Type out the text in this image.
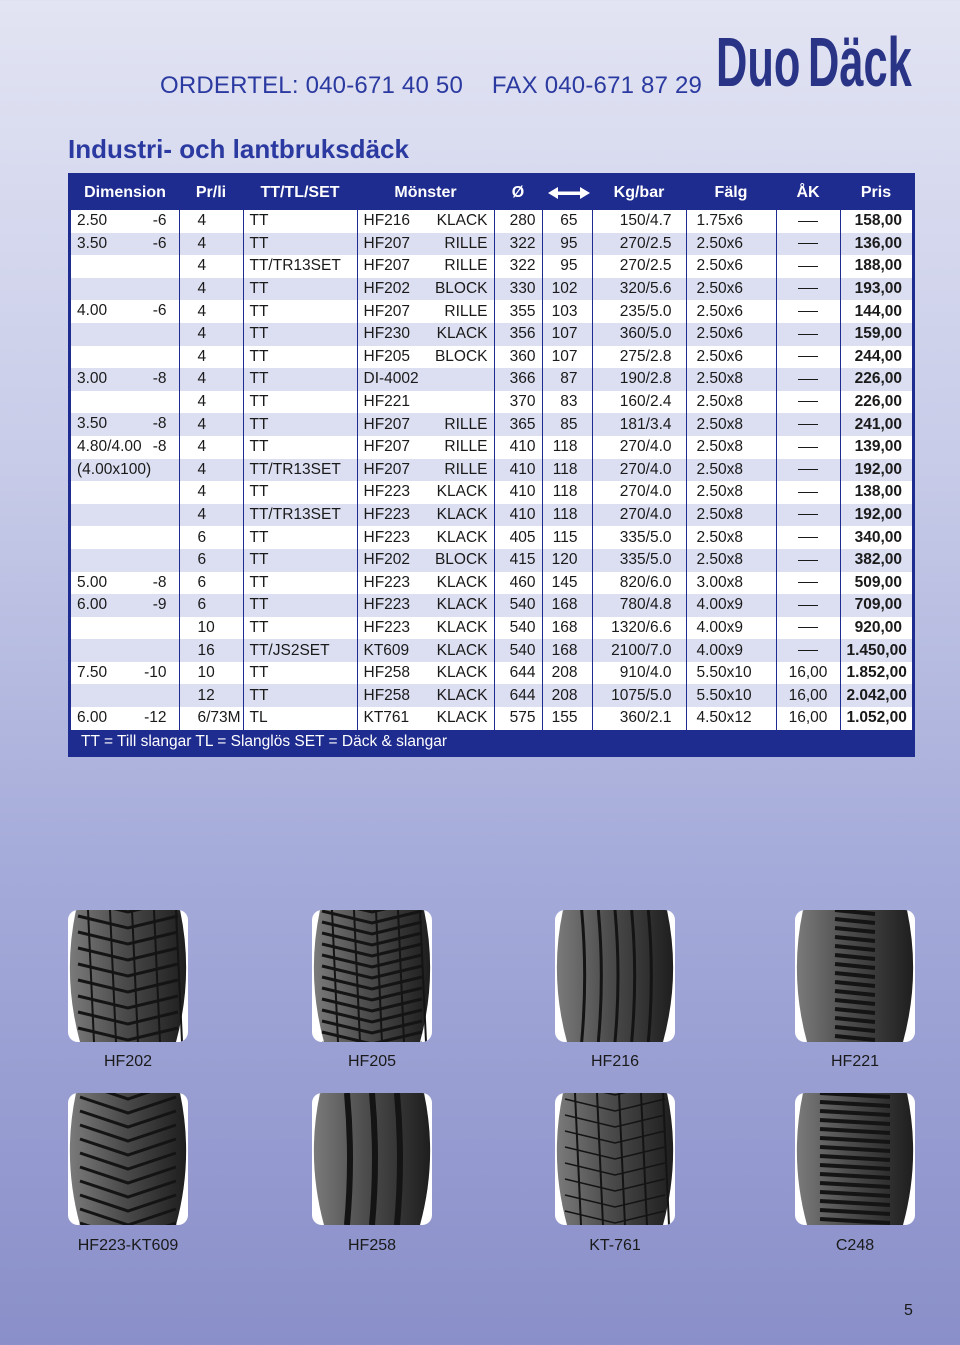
ORDERTEL: 040-671 40 50 FAX 040-671 87 29 Duo Däck
Industri- och lantbruksdäck
Dimension	Pr/li	TT/TL/SET	Mönster	Ø		Kg/bar	Fälg	ÅK	Pris
2.50 -6	4	TT	HF216 KLACK	280	65	150/4.7	1.75x6		158,00
3.50 -6	4	TT	HF207 RILLE	322	95	270/2.5	2.50x6		136,00

	4	TT/TR13SET	HF207 RILLE	322	95	270/2.5	2.50x6		188,00

	4	TT	HF202 BLOCK	330	102	320/5.6	2.50x6		193,00
4.00 -6	4	TT	HF207 RILLE	355	103	235/5.0	2.50x6		144,00

	4	TT	HF230 KLACK	356	107	360/5.0	2.50x6		159,00

	4	TT	HF205 BLOCK	360	107	275/2.8	2.50x6		244,00
3.00 -8	4	TT	DI-4002	366	87	190/2.8	2.50x8		226,00

	4	TT	HF221	370	83	160/2.4	2.50x8		226,00
3.50 -8	4	TT	HF207 RILLE	365	85	181/3.4	2.50x8		241,00
4.80/4.00 -8	4	TT	HF207 RILLE	410	118	270/4.0	2.50x8		139,00
(4.00x100)	4	TT/TR13SET	HF207 RILLE	410	118	270/4.0	2.50x8		192,00

	4	TT	HF223 KLACK	410	118	270/4.0	2.50x8		138,00

	4	TT/TR13SET	HF223 KLACK	410	118	270/4.0	2.50x8		192,00

	6	TT	HF223 KLACK	405	115	335/5.0	2.50x8		340,00

	6	TT	HF202 BLOCK	415	120	335/5.0	2.50x8		382,00
5.00 -8	6	TT	HF223 KLACK	460	145	820/6.0	3.00x8		509,00
6.00 -9	6	TT	HF223 KLACK	540	168	780/4.8	4.00x9		709,00

	10	TT	HF223 KLACK	540	168	1320/6.6	4.00x9		920,00

	16	TT/JS2SET	KT609 KLACK	540	168	2100/7.0	4.00x9		1.450,00
7.50 -10	10	TT	HF258 KLACK	644	208	910/4.0	5.50x10	16,00	1.852,00

	12	TT	HF258 KLACK	644	208	1075/5.0	5.50x10	16,00	2.042,00
6.00 -12	6/73M	TL	KT761 KLACK	575	155	360/2.1	4.50x12	16,00	1.052,00
TT = Till slangar TL = Slanglös SET = Däck & slangar									
HF202	HF205	HF216	HF221
HF223-KT609	HF258	KT-761	C248
5
